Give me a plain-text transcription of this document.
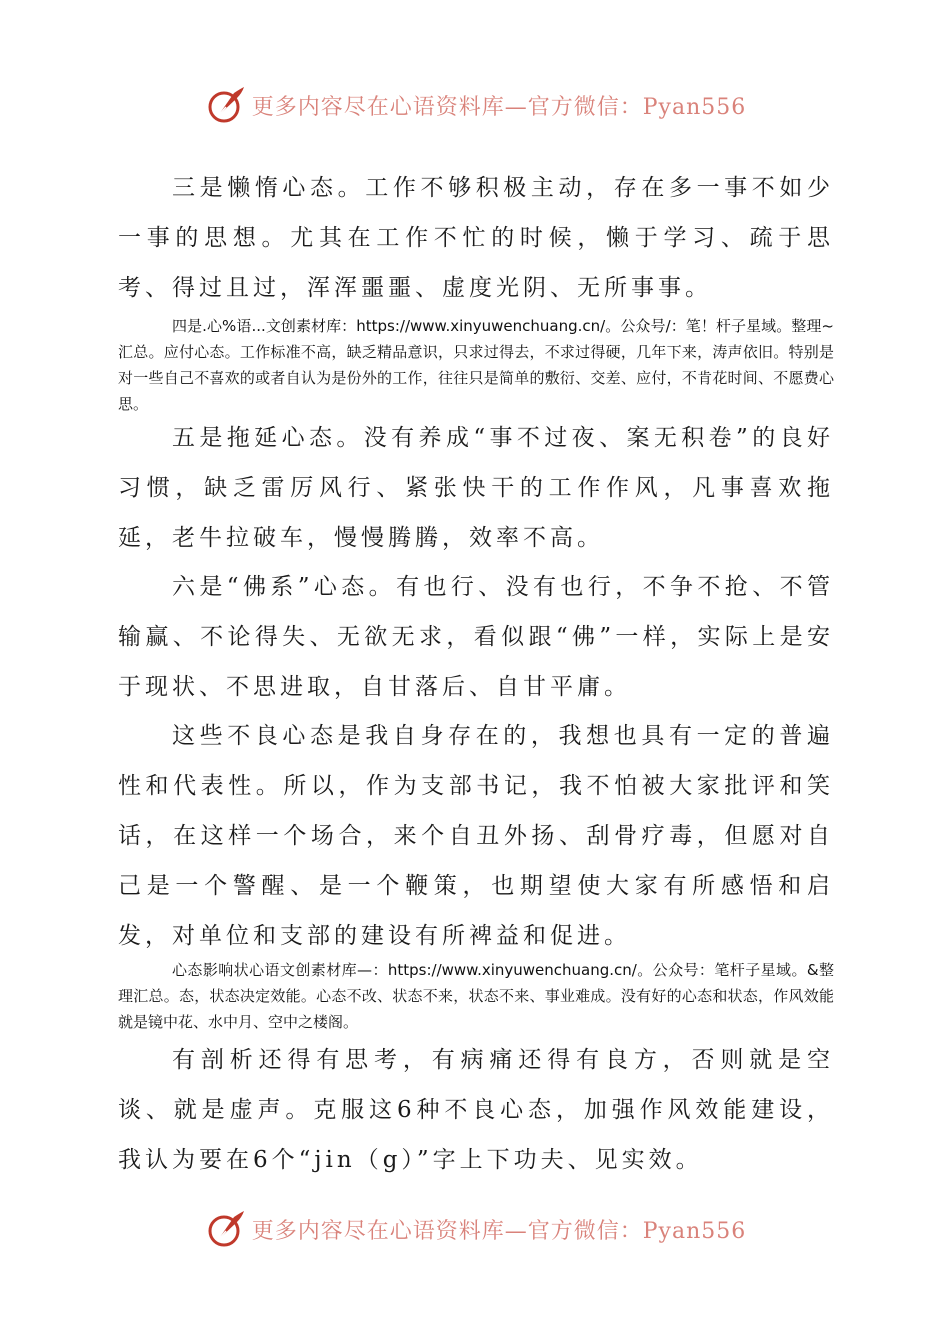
更多内容尽在心语资料库—官方微信：Pyan556

三是懒惰心态。工作不够积极主动，存在多一事不如少一事的思想。尤其在工作不忙的时候，懒于学习、疏于思考、得过且过，浑浑噩噩、虚度光阴、无所事事。

四是.心%语...文创素材库：https://www.xinyuwenchuang.cn/。公众号/：笔！杆子星域。整理~汇总。应付心态。工作标准不高，缺乏精品意识，只求过得去，不求过得硬，几年下来，涛声依旧。特别是对一些自己不喜欢的或者自认为是份外的工作，往往只是简单的敷衍、交差、应付，不肯花时间、不愿费心思。

五是拖延心态。没有养成“事不过夜、案无积卷”的良好习惯，缺乏雷厉风行、紧张快干的工作作风，凡事喜欢拖延，老牛拉破车，慢慢腾腾，效率不高。

六是“佛系”心态。有也行、没有也行，不争不抢、不管输赢、不论得失、无欲无求，看似跟“佛”一样，实际上是安于现状、不思进取，自甘落后、自甘平庸。

这些不良心态是我自身存在的，我想也具有一定的普遍性和代表性。所以，作为支部书记，我不怕被大家批评和笑话，在这样一个场合，来个自丑外扬、刮骨疗毒，但愿对自己是一个警醒、是一个鞭策，也期望使大家有所感悟和启发，对单位和支部的建设有所裨益和促进。

心态影响状心语文创素材库—：https://www.xinyuwenchuang.cn/。公众号：笔杆子星域。&整理汇总。态，状态决定效能。心态不改、状态不来，状态不来、事业难成。没有好的心态和状态，作风效能就是镜中花、水中月、空中之楼阁。

有剖析还得有思考，有病痛还得有良方，否则就是空谈、就是虚声。克服这6种不良心态，加强作风效能建设，我认为要在6个“jin（g）”字上下功夫、见实效。

更多内容尽在心语资料库—官方微信：Pyan556
